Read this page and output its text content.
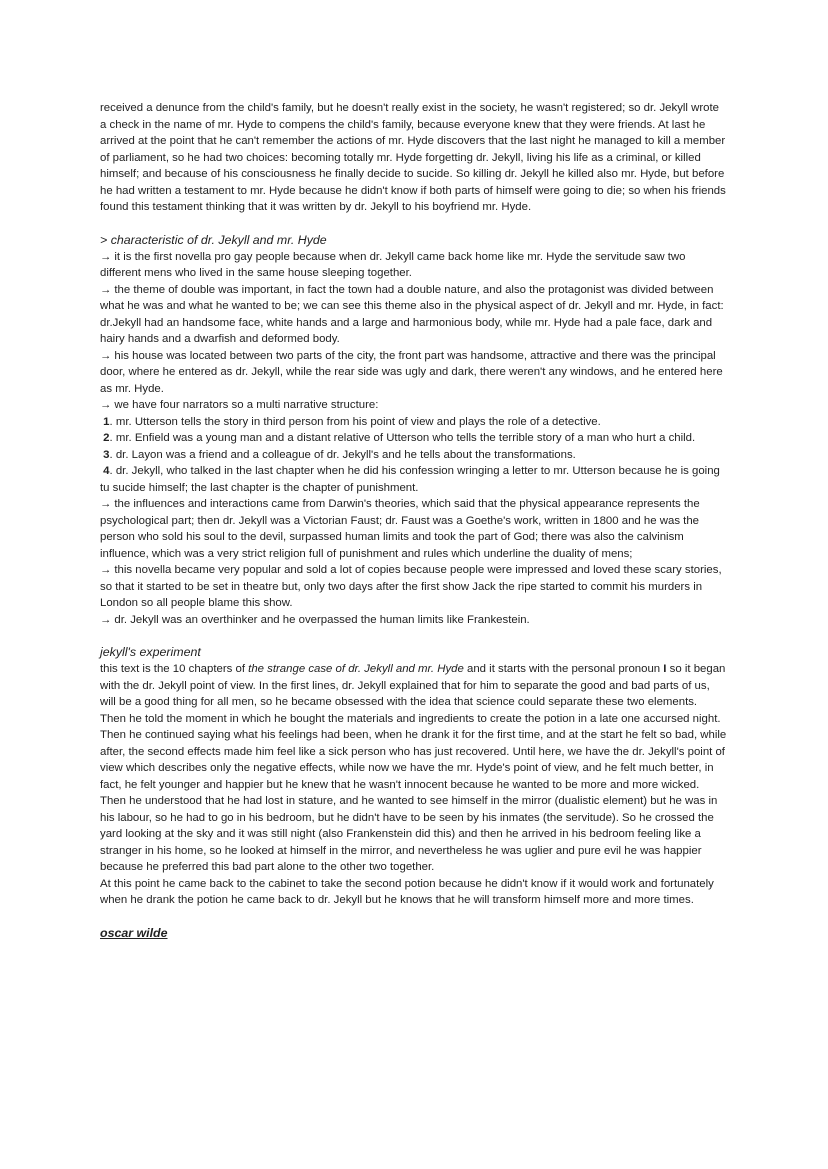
received a denunce from the child's family, but he doesn't really exist in the society, he wasn't registered; so dr. Jekyll wrote a check in the name of mr. Hyde to compens the child's family, because everyone knew that they were friends. At last he arrived at the point that he can't remember the actions of mr. Hyde discovers that the last night he managed to kill a member of parliament, so he had two choices: becoming totally mr. Hyde forgetting dr. Jekyll, living his life as a criminal, or killed himself; and because of his consciousness he finally decide to sucide. So killing dr. Jekyll he killed also mr. Hyde, but before he had written a testament to mr. Hyde because he didn't know if both parts of himself were going to die; so when his friends found this testament thinking that it was written by dr. Jekyll to his boyfriend mr. Hyde.

> characteristic of dr. Jekyll and mr. Hyde

→ it is the first novella pro gay people because when dr. Jekyll came back home like mr. Hyde the servitude saw two different mens who lived in the same house sleeping together.

→ the theme of double was important, in fact the town had a double nature, and also the protagonist was divided between what he was and what he wanted to be; we can see this theme also in the physical aspect of dr. Jekyll and mr. Hyde, in fact: dr.Jekyll had an handsome face, white hands and a large and harmonious body, while mr. Hyde had a pale face, dark and hairy hands and a dwarfish and deformed body.

→ his house was located between two parts of the city, the front part was handsome, attractive and there was the principal door, where he entered as dr. Jekyll, while the rear side was ugly and dark, there weren't any windows, and he entered here as mr. Hyde.

→ we have four narrators so a multi narrative structure:

1. mr. Utterson tells the story in third person from his point of view and plays the role of a detective.

2. mr. Enfield was a young man and a distant relative of Utterson who tells the terrible story of a man who hurt a child.

3. dr. Layon was a friend and a colleague of dr. Jekyll's and he tells about the transformations.

4. dr. Jekyll, who talked in the last chapter when he did his confession wringing a letter to mr. Utterson because he is going tu sucide himself; the last chapter is the chapter of punishment.

→ the influences and interactions came from Darwin's theories, which said that the physical appearance represents the psychological part; then dr. Jekyll was a Victorian Faust; dr. Faust was a Goethe's work, written in 1800 and he was the person who sold his soul to the devil, surpassed human limits and took the part of God; there was also the calvinism influence, which was a very strict religion full of punishment and rules which underline the duality of mens;

→ this novella became very popular and sold a lot of copies because people were impressed and loved these scary stories, so that it started to be set in theatre but, only two days after the first show Jack the ripe started to commit his murders in London so all people blame this show.

→ dr. Jekyll was an overthinker and he overpassed the human limits like Frankestein.

jekyll's experiment

this text is the 10 chapters of the strange case of dr. Jekyll and mr. Hyde and it starts with the personal pronoun I so it began with the dr. Jekyll point of view. In the first lines, dr. Jekyll explained that for him to separate the good and bad parts of us, will be a good thing for all men, so he became obsessed with the idea that science could separate these two elements.

Then he told the moment in which he bought the materials and ingredients to create the potion in a late one accursed night. Then he continued saying what his feelings had been, when he drank it for the first time, and at the start he felt so bad, while after, the second effects made him feel like a sick person who has just recovered. Until here, we have the dr. Jekyll's point of view which describes only the negative effects, while now we have the mr. Hyde's point of view, and he felt much better, in fact, he felt younger and happier but he knew that he wasn't innocent because he wanted to be more and more wicked.

Then he understood that he had lost in stature, and he wanted to see himself in the mirror (dualistic element) but he was in his labour, so he had to go in his bedroom, but he didn't have to be seen by his inmates (the servitude). So he crossed the yard looking at the sky and it was still night (also Frankenstein did this) and then he arrived in his bedroom feeling like a stranger in his home, so he looked at himself in the mirror, and nevertheless he was uglier and pure evil he was happier because he preferred this bad part alone to the other two together.

At this point he came back to the cabinet to take the second potion because he didn't know if it would work and fortunately when he drank the potion he came back to dr. Jekyll but he knows that he will transform himself more and more times.

oscar wilde
